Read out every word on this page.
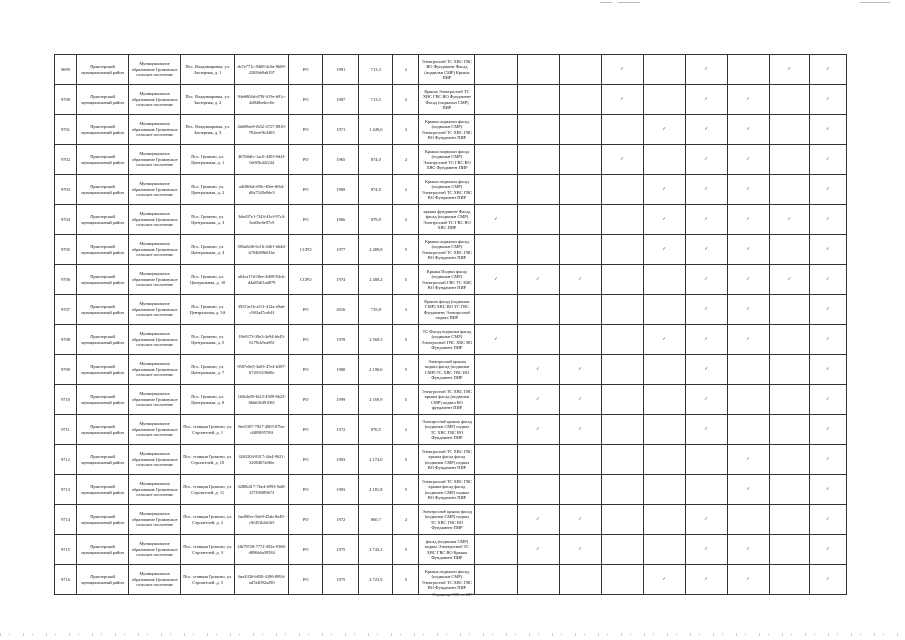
9699	Приозерский муниципальный район	Муниципальное образование Громовское сельское поселение	Пос. Владимировка, ул. Заозерная, д. 1	eb7e771c-9488-4c0a-8b09-2265bb9a6197	РО	1991	713,3	2	Электроснаб ТС ХВС ГВС ВО Фундамент Фасад (подвальн СМР) Крыша ПИР				✓		✓		✓	✓
9700	Приозерский муниципальный район	Муниципальное образование Громовское сельское поселение	Пос. Владимировка, ул. Заозерная, д. 2	94e6804d-d78f-419e-b91c-4d840eebcc6e	РО	1987	713,5	2	Крыша Электроснаб ТС ХВС ГВС ВО Фундамент Фасад (подвальн СМР) ПИР				✓		✓	✓		✓
9701	Приозерский муниципальный район	Муниципальное образование Громовское сельское поселение	Пос. Владимировка, ул. Заозерная, д. 3	2b608ee8-fb32-4727-8810-782eee9b3403	РО	1971	1 449,6	3	Крыша подвальн фасад (подвальн СМР) Электроснаб ТС ХВС ГВС ВО Фундамент ПИР					✓	✓	✓		✓
9702	Приозерский муниципальный район	Муниципальное образование Громовское сельское поселение	Пос. Громово, ул. Центральная, д. 1	467b0dfc-1ac0-4303-9d4f-0e0f5b42f244	РО	1965	874,0	2	Крыша подвальн фасад (подвальн СМР) Электроснаб ТС ГВС ВО ХВС Фундамент ПИР				✓		✓	✓		✓
9703	Приозерский муниципальный район	Муниципальное образование Громовское сельское поселение	Пос. Громово, ул. Центральная, д. 2	a4ff8f6d-e98c-48ee-8f64-d0a7545e8de3	РО	1969	874,0	2	Крыша подвальн фасад (подвальн СМР) Электроснаб ТС ХВС ГВС ВО Фундамент ПИР					✓	✓	✓		✓
9704	Приозерский муниципальный район	Муниципальное образование Громовское сельское поселение	Пос. Громово, ул. Центральная, д. 3	3ded37e1-7f44-41ef-97c4-5ea0bc6e97c9	РО	1966	879,0	2	крыша фундамент Фасад фасад (подвальн СМР) Электроснаб ТС ГВС ВО ХВС ПИР	✓				✓	✓	✓	✓	✓
9705	Приозерский муниципальный район	Муниципальное образование Громовское сельское поселение	Пос. Громово, ул. Центральная, д. 4	583afb36-6c16-4461-b64d-b704b99b61be	ССРО	1977	2 489,8	5	Крыша подвальн фасад (подвальн СМР) Электроснаб ТС ХВС ГВС ВО Фундамент ПИР					✓	✓	✓		✓
9706	Приозерский муниципальный район	Муниципальное образование Громовское сельское поселение	Пос. Громово, ул. Центральная, д. 10	a64ca17d-f8ee-4d09-84cb-d4a85df1ad879	ССРО	1974	2 480,2	5	Крыша Подвал фасад (подвальн СМР) Электроснаб ГВС ТС ХВС ВО Фундамент ПИР	✓	✓	✓			✓	✓	✓	✓
9707	Приозерский муниципальный район	Муниципальное образование Громовское сельское поселение	Пос. Громово, ул. Центральная, д. 3А	3937ae1b-af13-412a-a9ab-c903a47ceb4f	РО	2016	735,8	3	Крыша фасад (подвальн СМР) ХВС ВО ТС ГВС Фундамент Электроснаб подвал ПИР						✓	✓		✓
9708	Приозерский муниципальный район	Муниципальное образование Громовское сельское поселение	Пос. Громово, ул. Центральная, д. 5	18e9173-39e3-4e94-bb45-6179cb5ea85f	РО	1978	2 569,5	5	ТС Фасад подвальн фасад (подвальн СМР) Электроснаб ГВС ХВС ВО Фундамент ПИР	✓				✓	✓	✓		✓
9709	Приозерский муниципальный район	Муниципальное образование Громовское сельское поселение	Пос. Громово, ул. Центральная, д. 7	9587e0e5-3a03-47e4-b387-6720-0236d8e	РО	1980	2 190,6	5	Электроснаб крыша подвал фасад (подвальн СМР) ТС ХВС ГВС ВО Фундамент ПИР		✓	✓			✓			✓
9710	Приозерский муниципальный район	Муниципальное образование Громовское сельское поселение	Пос. Громово, ул. Центральная, д. 8	1f6b4a50-6f23-4509-8b23-0bb636491061	РО	1999	2 169,9	5	Электроснаб ТС ХВС ГВС крыша фасад (подвальн СМР) подвал ВО фундамент ПИР		✓	✓			✓			✓
9711	Приозерский муниципальный район	Муниципальное образование Громовское сельское поселение	Пос. станция Громово, ул. Строителей, д. 1	8ee5307-7827-4805-87ba-d4050957f8f	РО	1972	870,5	2	Электроснаб крыша фасад (подвальн СМР) подвал ТС ХВС ГВС ВО Фундамент ПИР		✓	✓			✓			✓
9712	Приозерский муниципальный район	Муниципальное образование Громовское сельское поселение	Пос. станция Громово, ул. Строителей, д. 10	4263204-8317-4fa4-9621-3200487a0f6e	РО	1993	2 174,0	5	Электроснаб ТС ХВС ГВС крыша фасад фасад (подвальн СМР) подвал ВО Фундамент ПИР							✓		✓
9713	Приозерский муниципальный район	Муниципальное образование Громовское сельское поселение	Пос. станция Громово, ул. Строителей, д. 11	3280b417-7be4-4993-9a0f-2f7358f89b73	РО	1993	2 181,8	5	Электроснаб ТС ХВС ГВС крыша фасад фасад (подвальн СМР) подвал ВО Фундамент ПИР							✓		✓
9714	Приозерский муниципальный район	Муниципальное образование Громовское сельское поселение	Пос. станция Громово, ул. Строителей, д. 2	6ad9ffec-5de9-45ab-8a49-c9f451b2b165	РО	1972	860,7	2	Электроснаб крыша фасад (подвальн СМР) подвал ТС ХВС ГВС ВО Фундамент ПИР		✓	✓			✓			✓
9715	Приозерский муниципальный район	Муниципальное образование Громовское сельское поселение	Пос. станция Громово, ул. Строителей, д. 3	2fb79728-7772-492a-9306-d806b6a39584	РО	1975	2 743,3	5	фасад (подвальн СМР) подвал Электроснаб ТС ХВС ГВС ВО Крыша Фундамент ПИР		✓	✓			✓	✓		✓
9716	Приозерский муниципальный район	Муниципальное образование Громовское сельское поселение	Пос. станция Громово, ул. Строителей, д. 5	6ae4356-b050-4186-8894-ad7a4092a290	РО	1975	2 723,9	5	Крыша подвальн фасад (подвальн СМР) Электроснаб ТС ХВС ГВС ВО Фундамент ПИР					✓	✓	✓		✓
Страница 585 из 687
